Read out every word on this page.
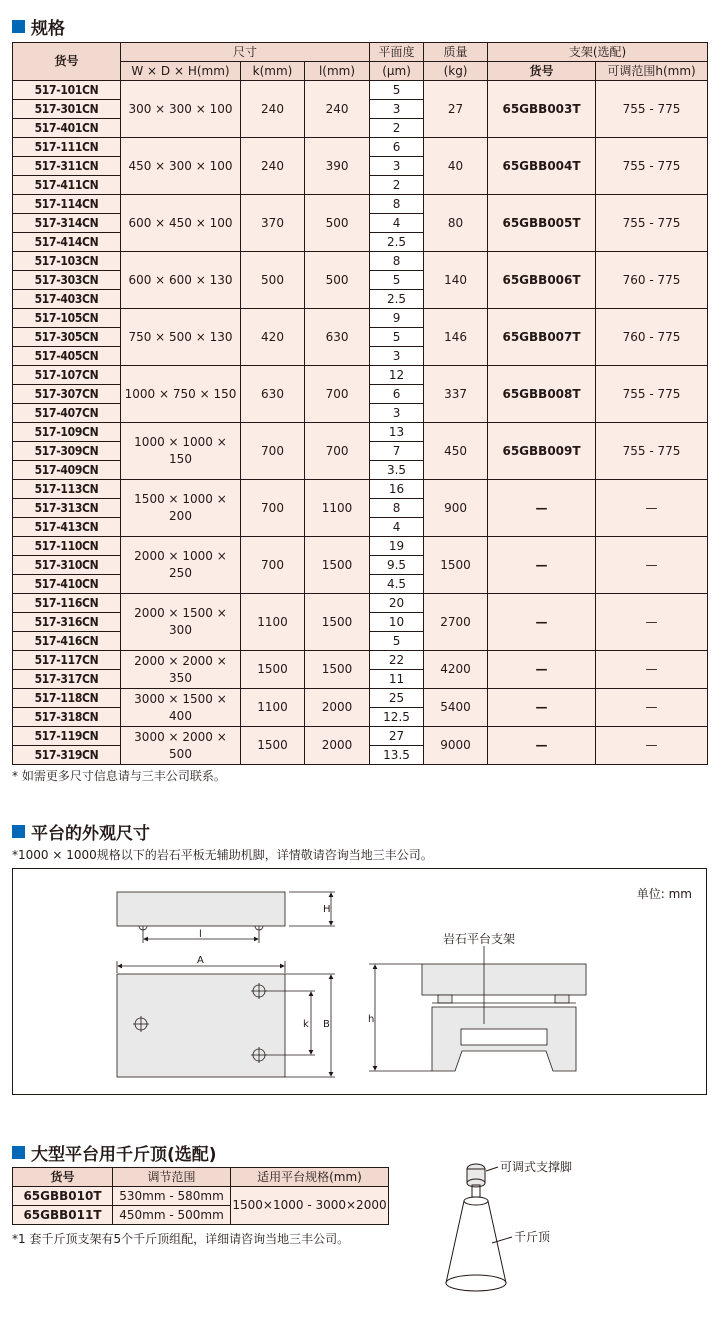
规格
货号	尺寸			平面度	质量	支架(选配)	
	W × D × H(mm)	k(mm)	l(mm)	(μm)	(kg)	货号	可调范围h(mm)
517-101CN	300 × 300 × 100	240	240	5	27	65GBB003T	755 - 775
517-301CN				3			
517-401CN				2			
517-111CN	450 × 300 × 100	240	390	6	40	65GBB004T	755 - 775
517-311CN				3			
517-411CN				2			
517-114CN	600 × 450 × 100	370	500	8	80	65GBB005T	755 - 775
517-314CN				4			
517-414CN				2.5			
517-103CN	600 × 600 × 130	500	500	8	140	65GBB006T	760 - 775
517-303CN				5			
517-403CN				2.5			
517-105CN	750 × 500 × 130	420	630	9	146	65GBB007T	760 - 775
517-305CN				5			
517-405CN				3			
517-107CN	1000 × 750 × 150	630	700	12	337	65GBB008T	755 - 775
517-307CN				6			
517-407CN				3			
517-109CN	1000 × 1000 × 150	700	700	13	450	65GBB009T	755 - 775
517-309CN				7			
517-409CN				3.5			
517-113CN	1500 × 1000 × 200	700	1100	16	900	—	—
517-313CN				8			
517-413CN				4			
517-110CN	2000 × 1000 × 250	700	1500	19	1500	—	—
517-310CN				9.5			
517-410CN				4.5			
517-116CN	2000 × 1500 × 300	1100	1500	20	2700	—	—
517-316CN				10			
517-416CN				5			
517-117CN	2000 × 2000 × 350	1500	1500	22	4200	—	—
517-317CN				11			
517-118CN	3000 × 1500 × 400	1100	2000	25	5400	—	—
517-318CN				12.5			
517-119CN	3000 × 2000 × 500	1500	2000	27	9000	—	—
517-319CN				13.5			
* 如需更多尺寸信息请与三丰公司联系。
平台的外观尺寸
*1000 × 1000规格以下的岩石平板无辅助机脚，详情敬请咨询当地三丰公司。
单位: mm
H
l
A
k B	h
岩石平台支架
大型平台用千斤顶(选配)
货号	调节范围	适用平台规格(mm)
65GBB010T	530mm - 580mm	1500×1000 - 3000×2000
65GBB011T	450mm - 500mm	
*1 套千斤顶支架有5个千斤顶组配，详细请咨询当地三丰公司。
可调式支撑脚
千斤顶
